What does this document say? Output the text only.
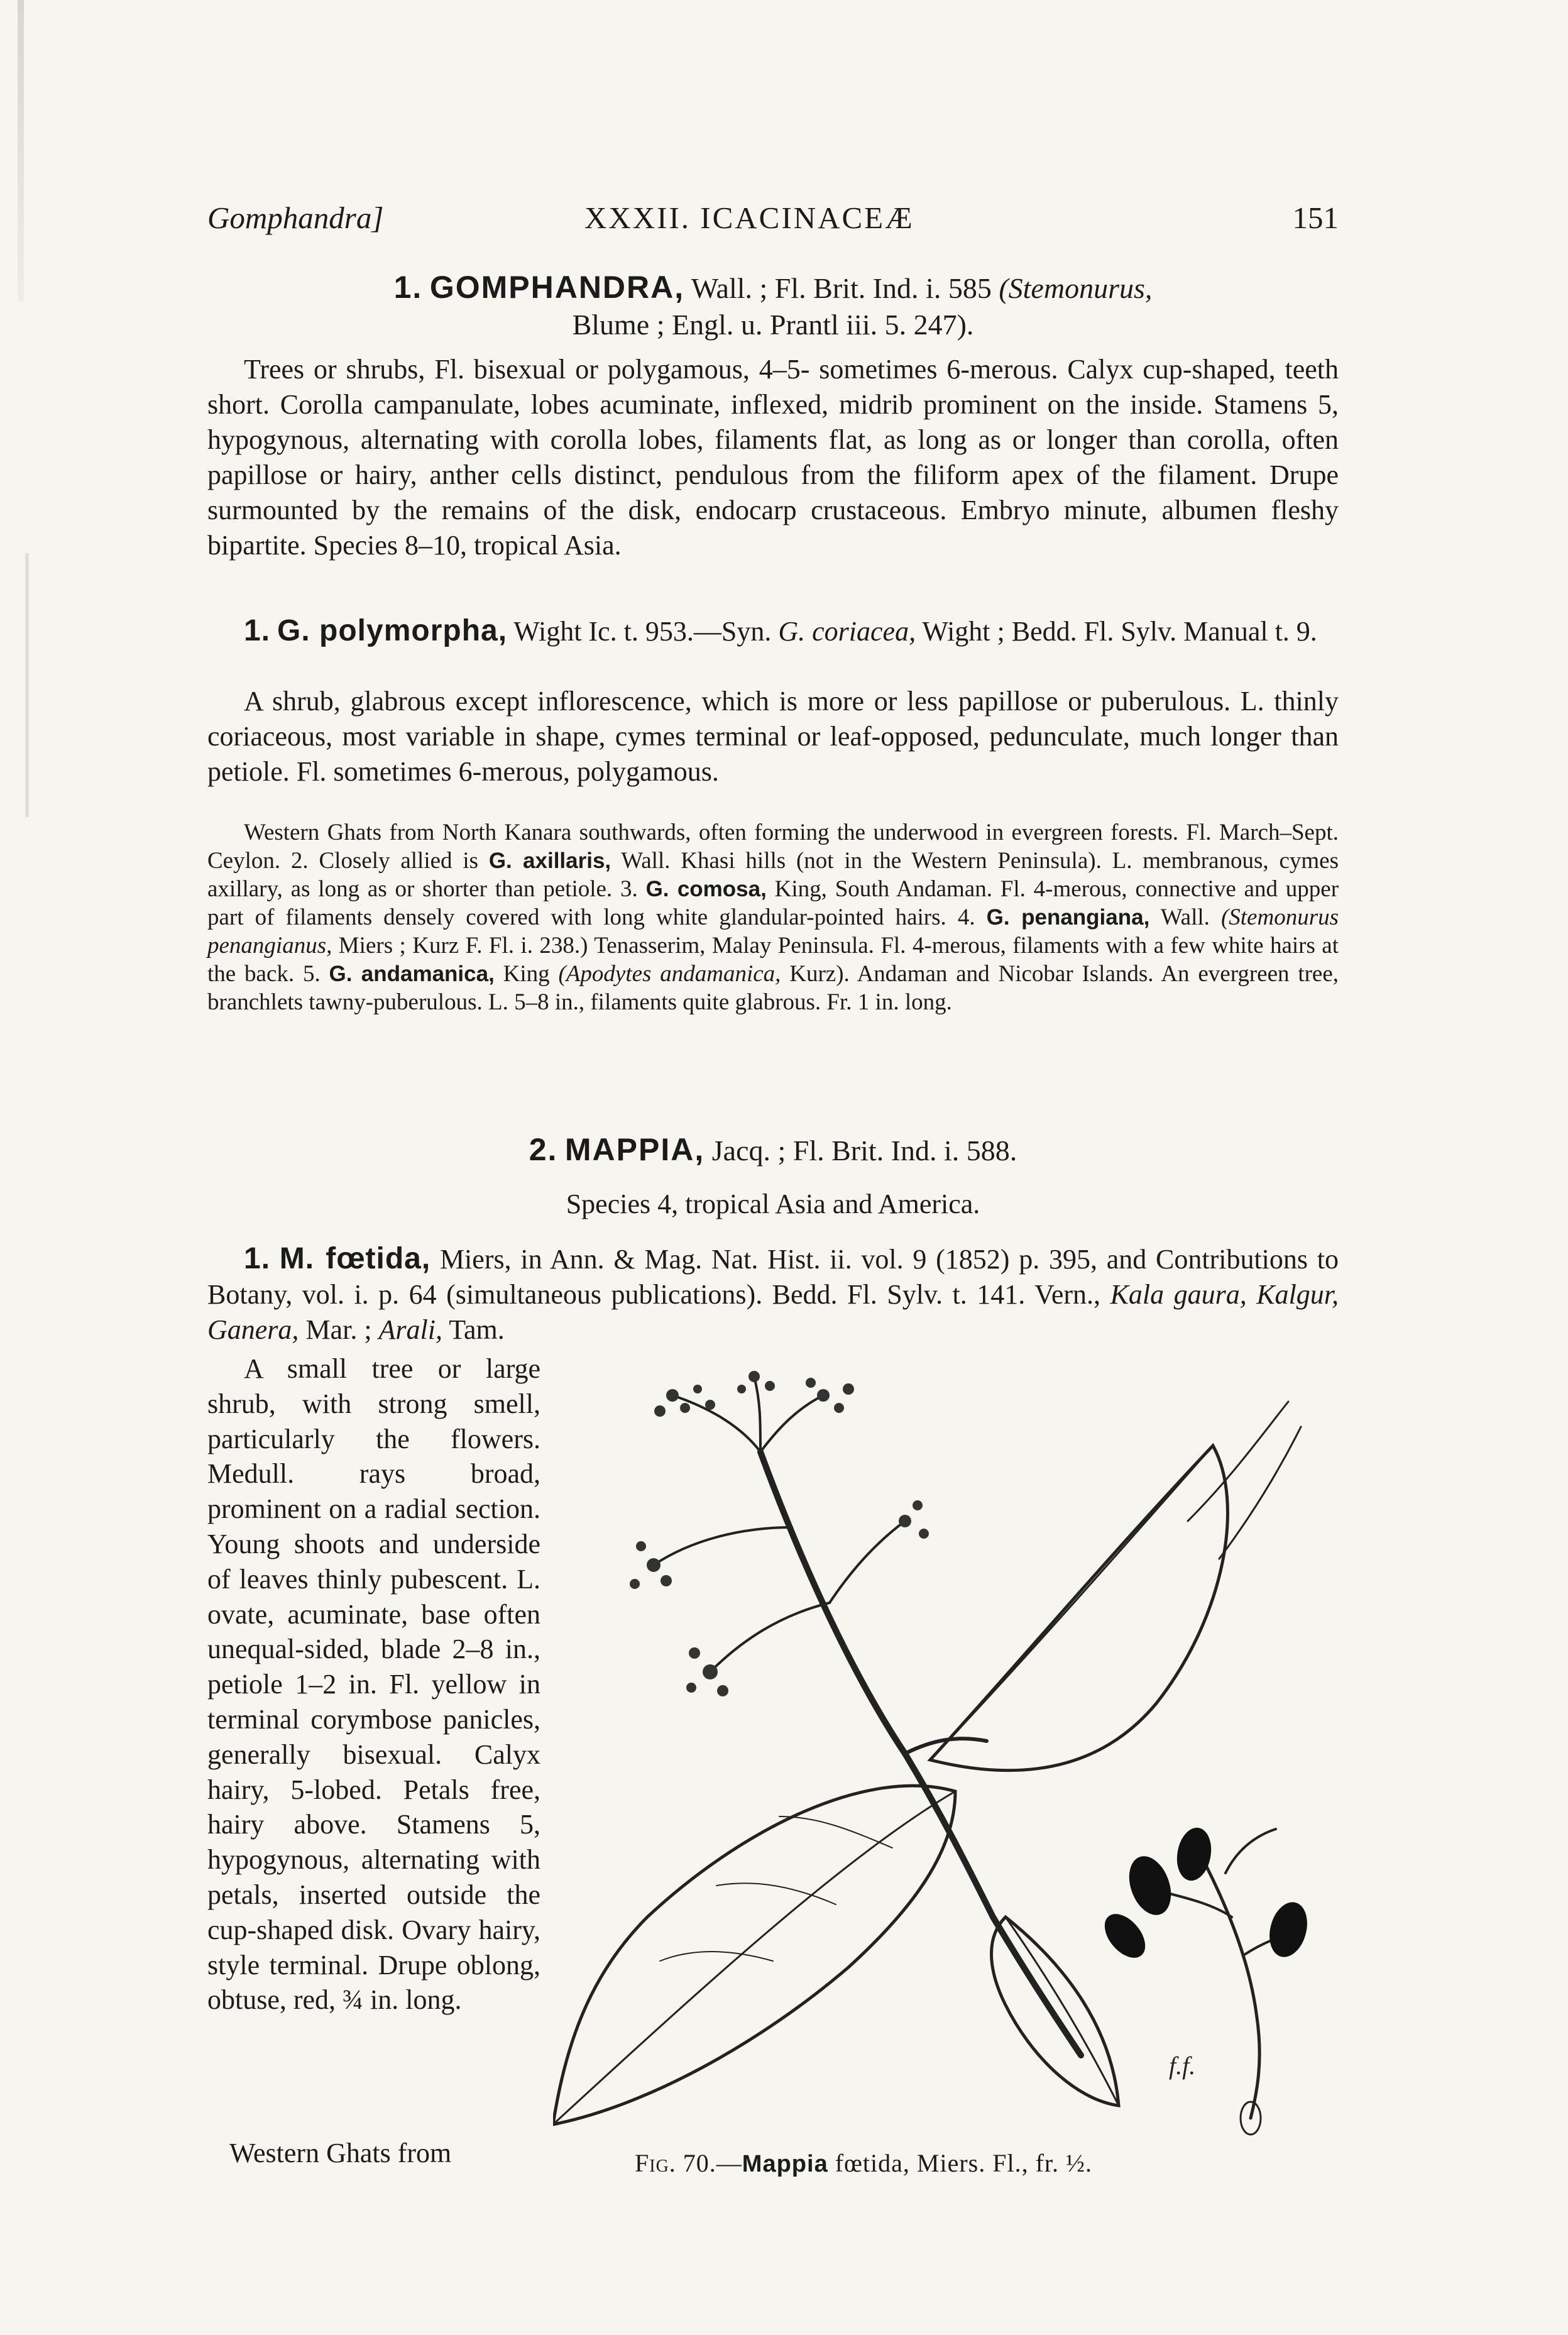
Gomphandra]	XXXII. ICACINACEÆ	151
1. GOMPHANDRA, Wall. ; Fl. Brit. Ind. i. 585 (Stemonurus,
Blume ; Engl. u. Prantl iii. 5. 247).
Trees or shrubs, Fl. bisexual or polygamous, 4–5- sometimes 6-merous. Calyx cup-shaped, teeth short. Corolla campanulate, lobes acuminate, inflexed, midrib prominent on the inside. Stamens 5, hypogynous, alternating with corolla lobes, filaments flat, as long as or longer than corolla, often papillose or hairy, anther cells distinct, pendulous from the filiform apex of the filament. Drupe surmounted by the remains of the disk, endocarp crustaceous. Embryo minute, albumen fleshy bipartite. Species 8–10, tropical Asia.
1. G. polymorpha, Wight Ic. t. 953.—Syn. G. coriacea, Wight ; Bedd. Fl. Sylv. Manual t. 9.
A shrub, glabrous except inflorescence, which is more or less papillose or puberulous. L. thinly coriaceous, most variable in shape, cymes terminal or leaf-opposed, pedunculate, much longer than petiole. Fl. sometimes 6-merous, polygamous.
Western Ghats from North Kanara southwards, often forming the underwood in evergreen forests. Fl. March–Sept. Ceylon. 2. Closely allied is G. axillaris, Wall. Khasi hills (not in the Western Peninsula). L. membranous, cymes axillary, as long as or shorter than petiole. 3. G. comosa, King, South Andaman. Fl. 4-merous, connective and upper part of filaments densely covered with long white glandular-pointed hairs. 4. G. penangiana, Wall. (Stemonurus penangianus, Miers ; Kurz F. Fl. i. 238.) Tenasserim, Malay Peninsula. Fl. 4-merous, filaments with a few white hairs at the back. 5. G. andamanica, King (Apodytes andamanica, Kurz). Andaman and Nicobar Islands. An evergreen tree, branchlets tawny-puberulous. L. 5–8 in., filaments quite glabrous. Fr. 1 in. long.
2. MAPPIA, Jacq. ; Fl. Brit. Ind. i. 588.
Species 4, tropical Asia and America.
1. M. fœtida, Miers, in Ann. & Mag. Nat. Hist. ii. vol. 9 (1852) p. 395, and Contributions to Botany, vol. i. p. 64 (simultaneous publications). Bedd. Fl. Sylv. t. 141. Vern., Kala gaura, Kalgur, Ganera, Mar. ; Arali, Tam.
A small tree or large shrub, with strong smell, particularly the flowers. Medull. rays broad, prominent on a radial section. Young shoots and underside of leaves thinly pubescent. L. ovate, acuminate, base often unequal-sided, blade 2–8 in., petiole 1–2 in. Fl. yellow in terminal corymbose panicles, generally bisexual. Calyx hairy, 5-lobed. Petals free, hairy above. Stamens 5, hypogynous, alternating with petals, inserted outside the cup-shaped disk. Ovary hairy, style terminal. Drupe oblong, obtuse, red, ¾ in. long.
Western Ghats from
f.f.
Fig. 70.—Mappia fœtida, Miers. Fl., fr. ½.
